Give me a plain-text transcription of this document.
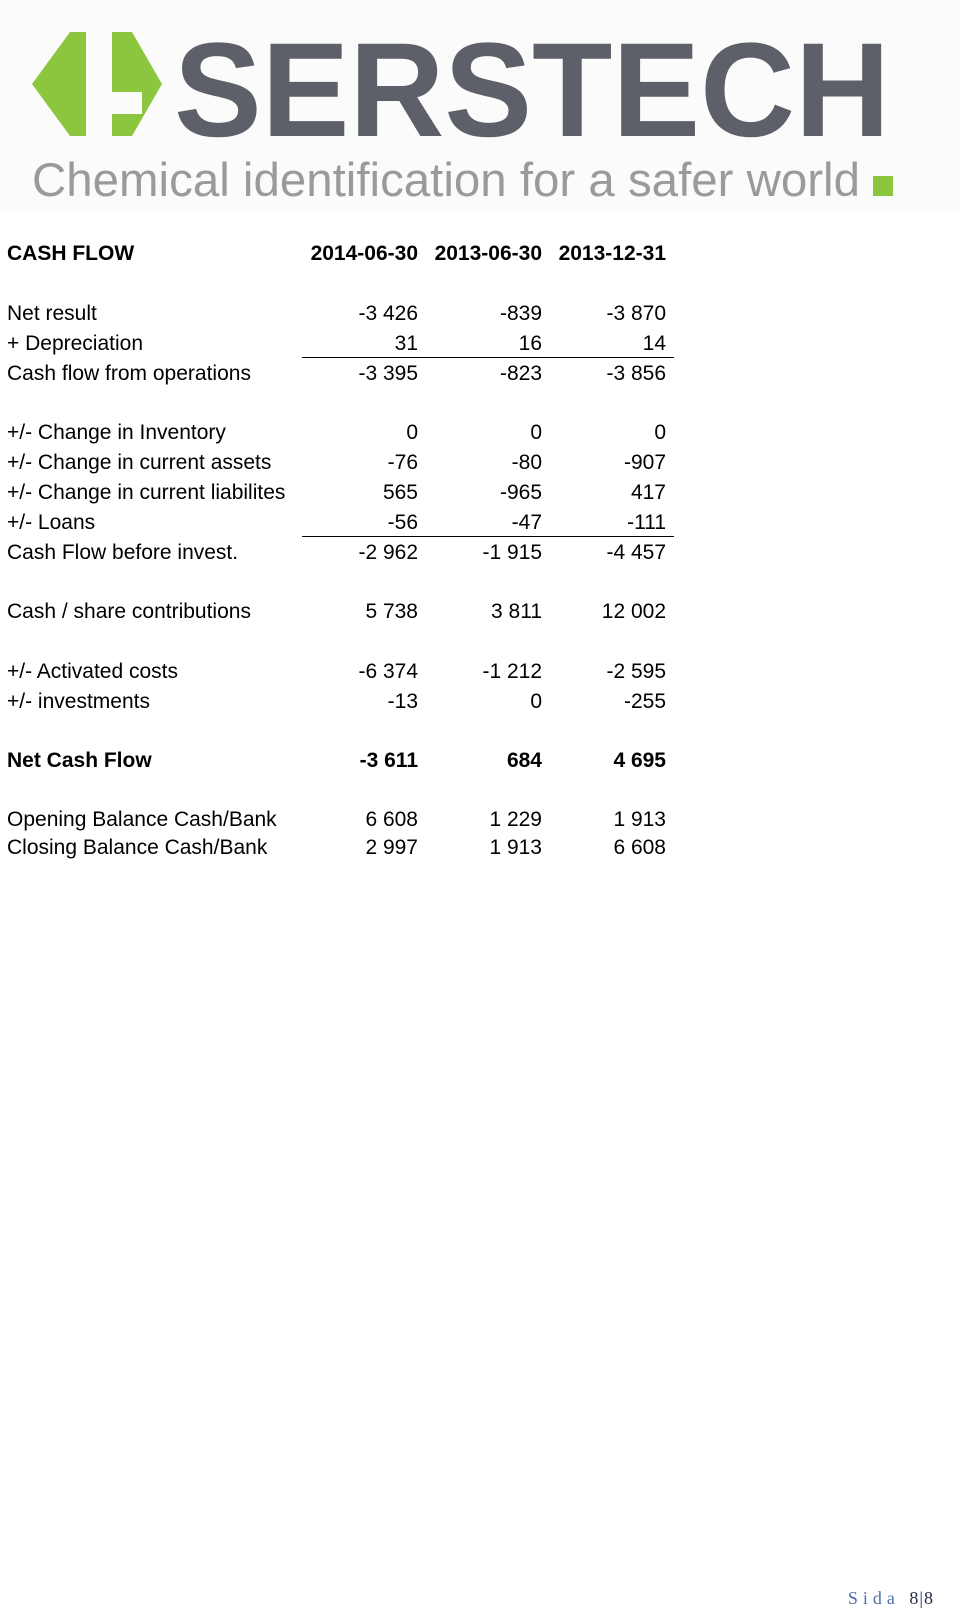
SERSTECH
Chemical identification for a safer world
CASH FLOW	2014-06-30 2013-06-30 2013-12-31
Net result	-3 426	-839	-3 870
+ Depreciation	31	16	14
Cash flow from operations	-3 395	-823	-3 856
+/- Change in Inventory	0	0	0
+/- Change in current assets	-76	-80	-907
+/- Change in current liabilites	565	-965	417
+/- Loans	-56	-47	-111
Cash Flow before invest.	-2 962	-1 915	-4 457
Cash / share contributions	5 738	3 811	12 002
+/- Activated costs	-6 374	-1 212	-2 595
+/- investments	-13	0	-255
Net Cash Flow	-3 611	684	4 695
Opening Balance Cash/Bank	6 608	1 229	1 913
Closing Balance Cash/Bank	2 997	1 913	6 608
Sida 8|8
